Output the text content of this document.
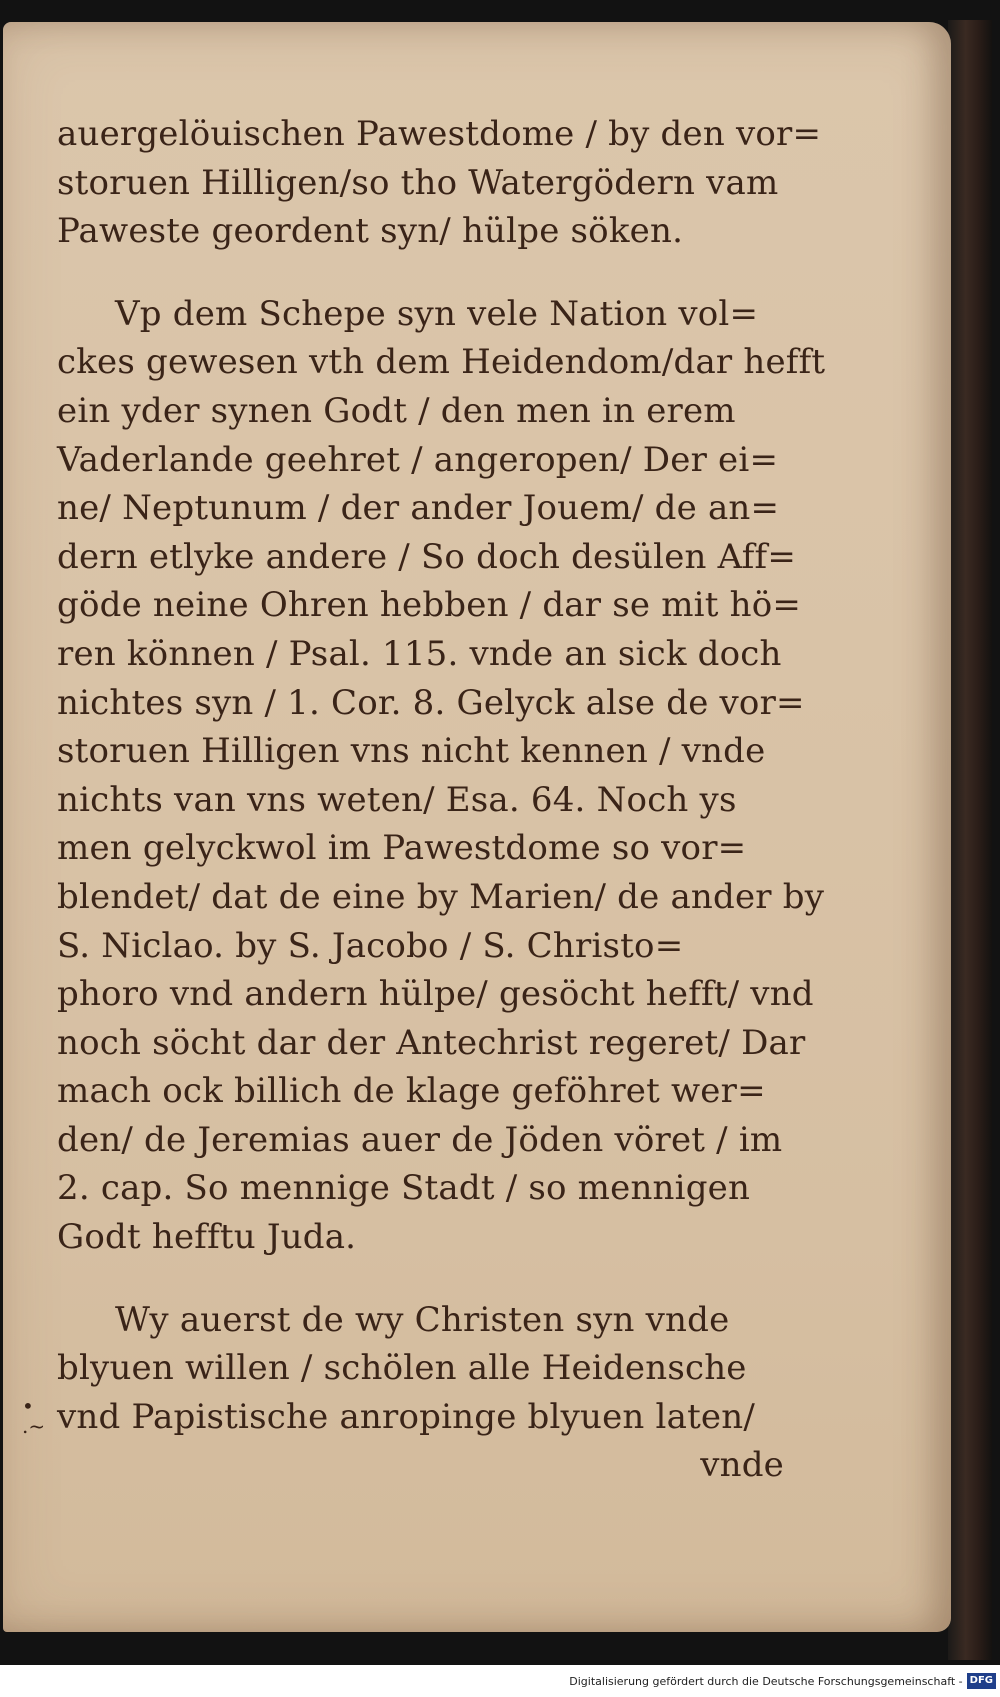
auergelöuischen Pawestdome / by den vor=
storuen Hilligen/so tho Watergödern vam
Paweste geordent syn/ hülpe söken.
Vp dem Schepe syn vele Nation vol=
ckes gewesen vth dem Heidendom/dar hefft
ein yder synen Godt / den men in erem
Vaderlande geehret / angeropen/ Der ei=
ne/ Neptunum / der ander Jouem/ de an=
dern etlyke andere / So doch desülen Aff=
göde neine Ohren hebben / dar se mit hö=
ren können / Psal. 115. vnde an sick doch
nichtes syn / 1. Cor. 8. Gelyck alse de vor=
storuen Hilligen vns nicht kennen / vnde
nichts van vns weten/ Esa. 64. Noch ys
men gelyckwol im Pawestdome so vor=
blendet/ dat de eine by Marien/ de ander by
S. Niclao. by S. Jacobo / S. Christo=
phoro vnd andern hülpe/ gesöcht hefft/ vnd
noch söcht dar der Antechrist regeret/ Dar
mach ock billich de klage geföhret wer=
den/ de Jeremias auer de Jöden vöret / im
2. cap. So mennige Stadt / so mennigen
Godt hefftu Juda.
Wy auerst de wy Christen syn vnde
blyuen willen / schölen alle Heidensche
vnd Papistische anropinge blyuen laten/
vnde
•
.~
Digitalisierung gefördert durch die Deutsche Forschungsgemeinschaft - DFG
